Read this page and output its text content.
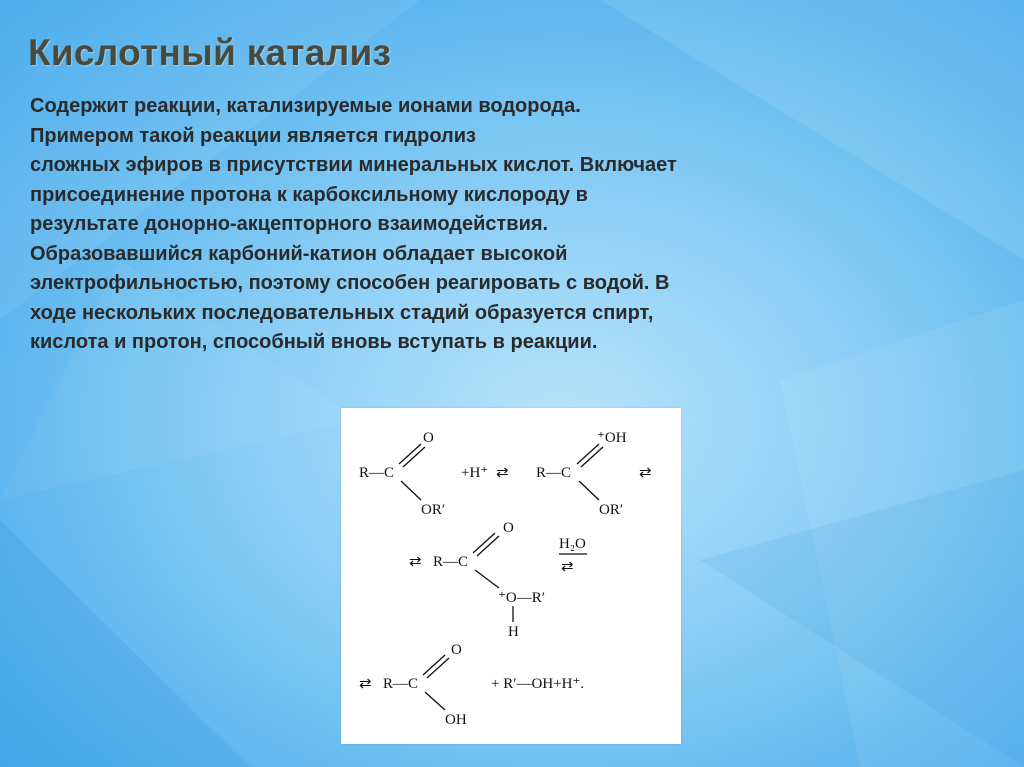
Кислотный катализ
Содержит реакции, катализируемые ионами водорода.
Примером такой реакции является гидролиз
сложных эфиров в присутствии минеральных кислот. Включает
присоединение протона к карбоксильному кислороду в
результате донорно-акцепторного взаимодействия.
Образовавшийся карбоний-катион обладает высокой
электрофильностью, поэтому способен реагировать с водой. В
ходе нескольких последовательных стадий образуется спирт,
кислота и протон, способный вновь вступать в реакции.
R—C
O
OR′
+H⁺ ⇄ R—C
⁺OH
OR′
⇄
⇄ R—C
O
⁺O—R′
H
H₂O
⇄
⇄ R—C
O
OH
+ R′—OH+H⁺.
